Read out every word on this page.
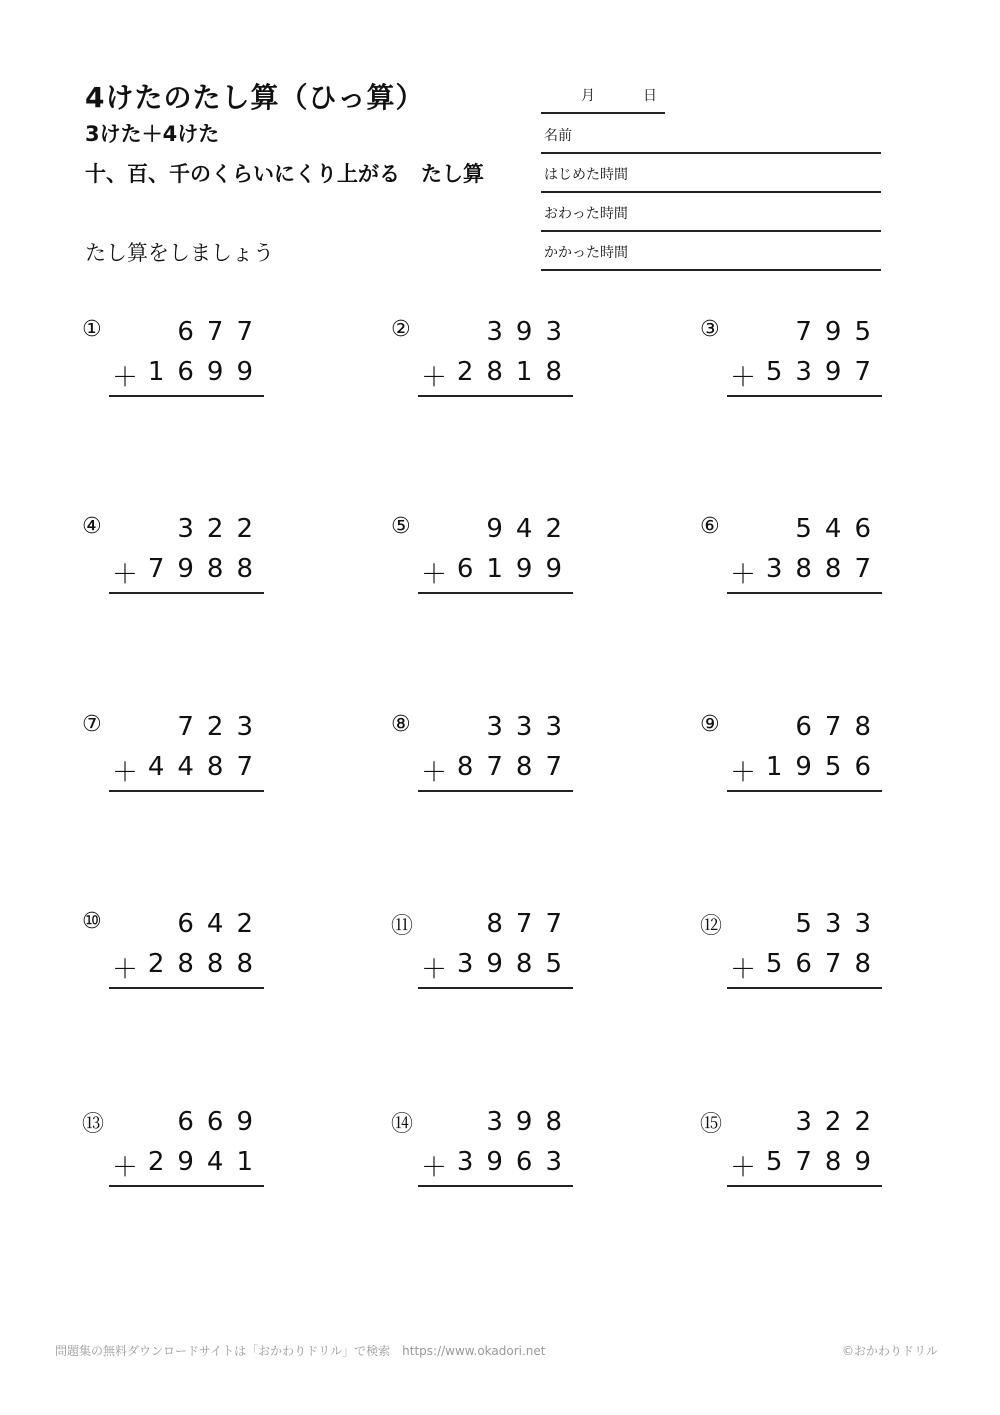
4けたのたし算（ひっ算）
3けた＋4けた
十、百、千のくらいにくり上がる　たし算
たし算をしましょう
月	日
名前
はじめた時間
おわった時間
かかった時間
①	677
＋ 1699
②	393
＋ 2818
③	795
＋ 5397
④	322
＋ 7988
⑤	942
＋ 6199
⑥	546
＋ 3887
⑦	723
＋ 4487
⑧	333
＋ 8787
⑨	678
＋ 1956
⑩	642
＋ 2888
⑪	877
＋ 3985
⑫	533
＋ 5678
⑬	669
＋ 2941
⑭	398
＋ 3963
⑮	322
＋ 5789
問題集の無料ダウンロードサイトは「おかわりドリル」で検索　https://www.okadori.net	©おかわりドリル
